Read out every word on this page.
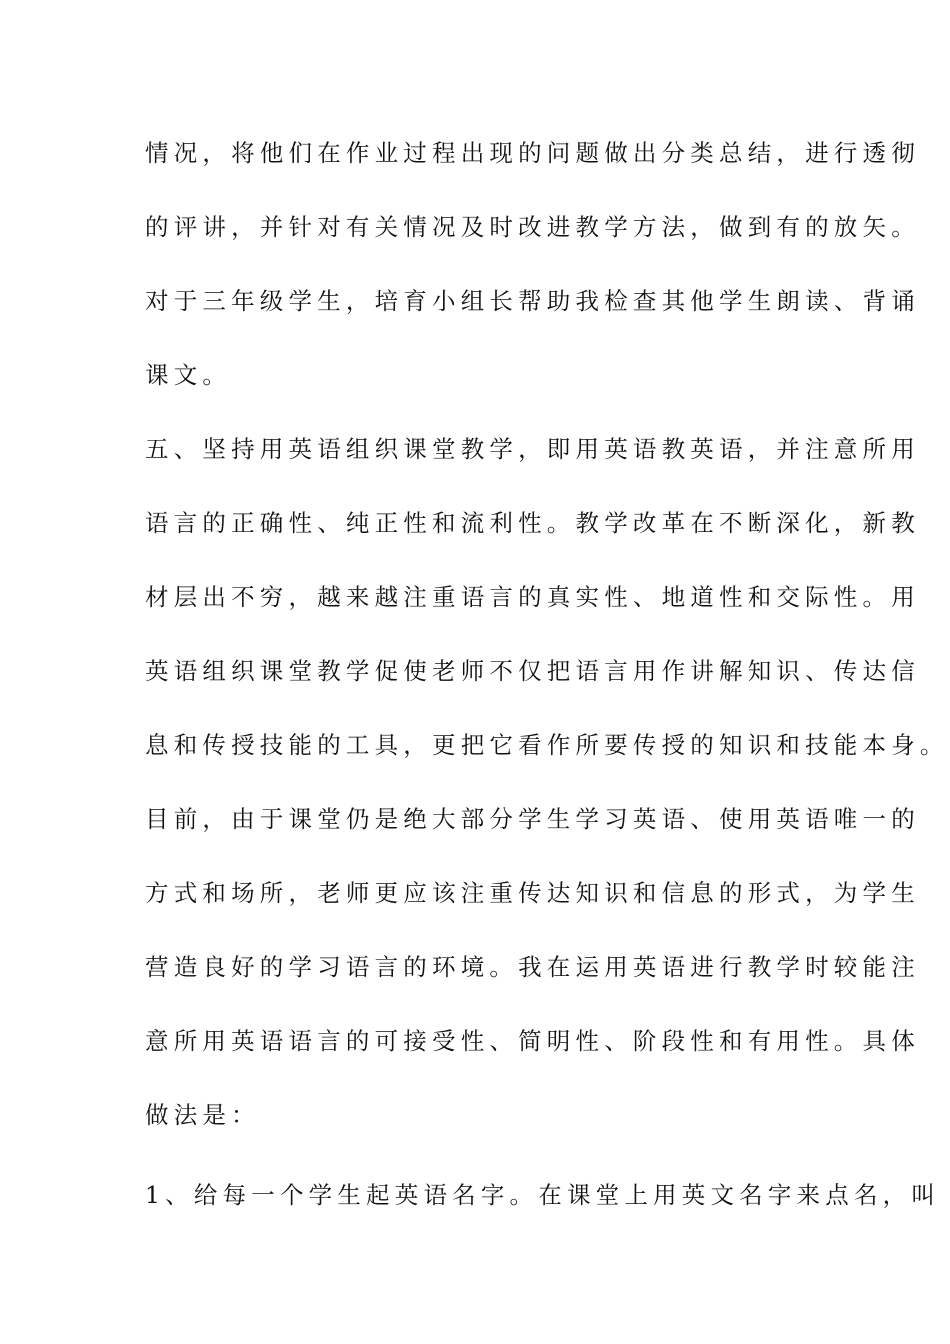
情况，将他们在作业过程出现的问题做出分类总结，进行透彻

的评讲，并针对有关情况及时改进教学方法，做到有的放矢。

对于三年级学生，培育小组长帮助我检查其他学生朗读、背诵

课文。

五、坚持用英语组织课堂教学，即用英语教英语，并注意所用

语言的正确性、纯正性和流利性。教学改革在不断深化，新教

材层出不穷，越来越注重语言的真实性、地道性和交际性。用

英语组织课堂教学促使老师不仅把语言用作讲解知识、传达信

息和传授技能的工具，更把它看作所要传授的知识和技能本身。

目前，由于课堂仍是绝大部分学生学习英语、使用英语唯一的

方式和场所，老师更应该注重传达知识和信息的形式，为学生

营造良好的学习语言的环境。我在运用英语进行教学时较能注

意所用英语语言的可接受性、简明性、阶段性和有用性。具体

做法是：

1、给每一个学生起英语名字。在课堂上用英文名字来点名，叫
